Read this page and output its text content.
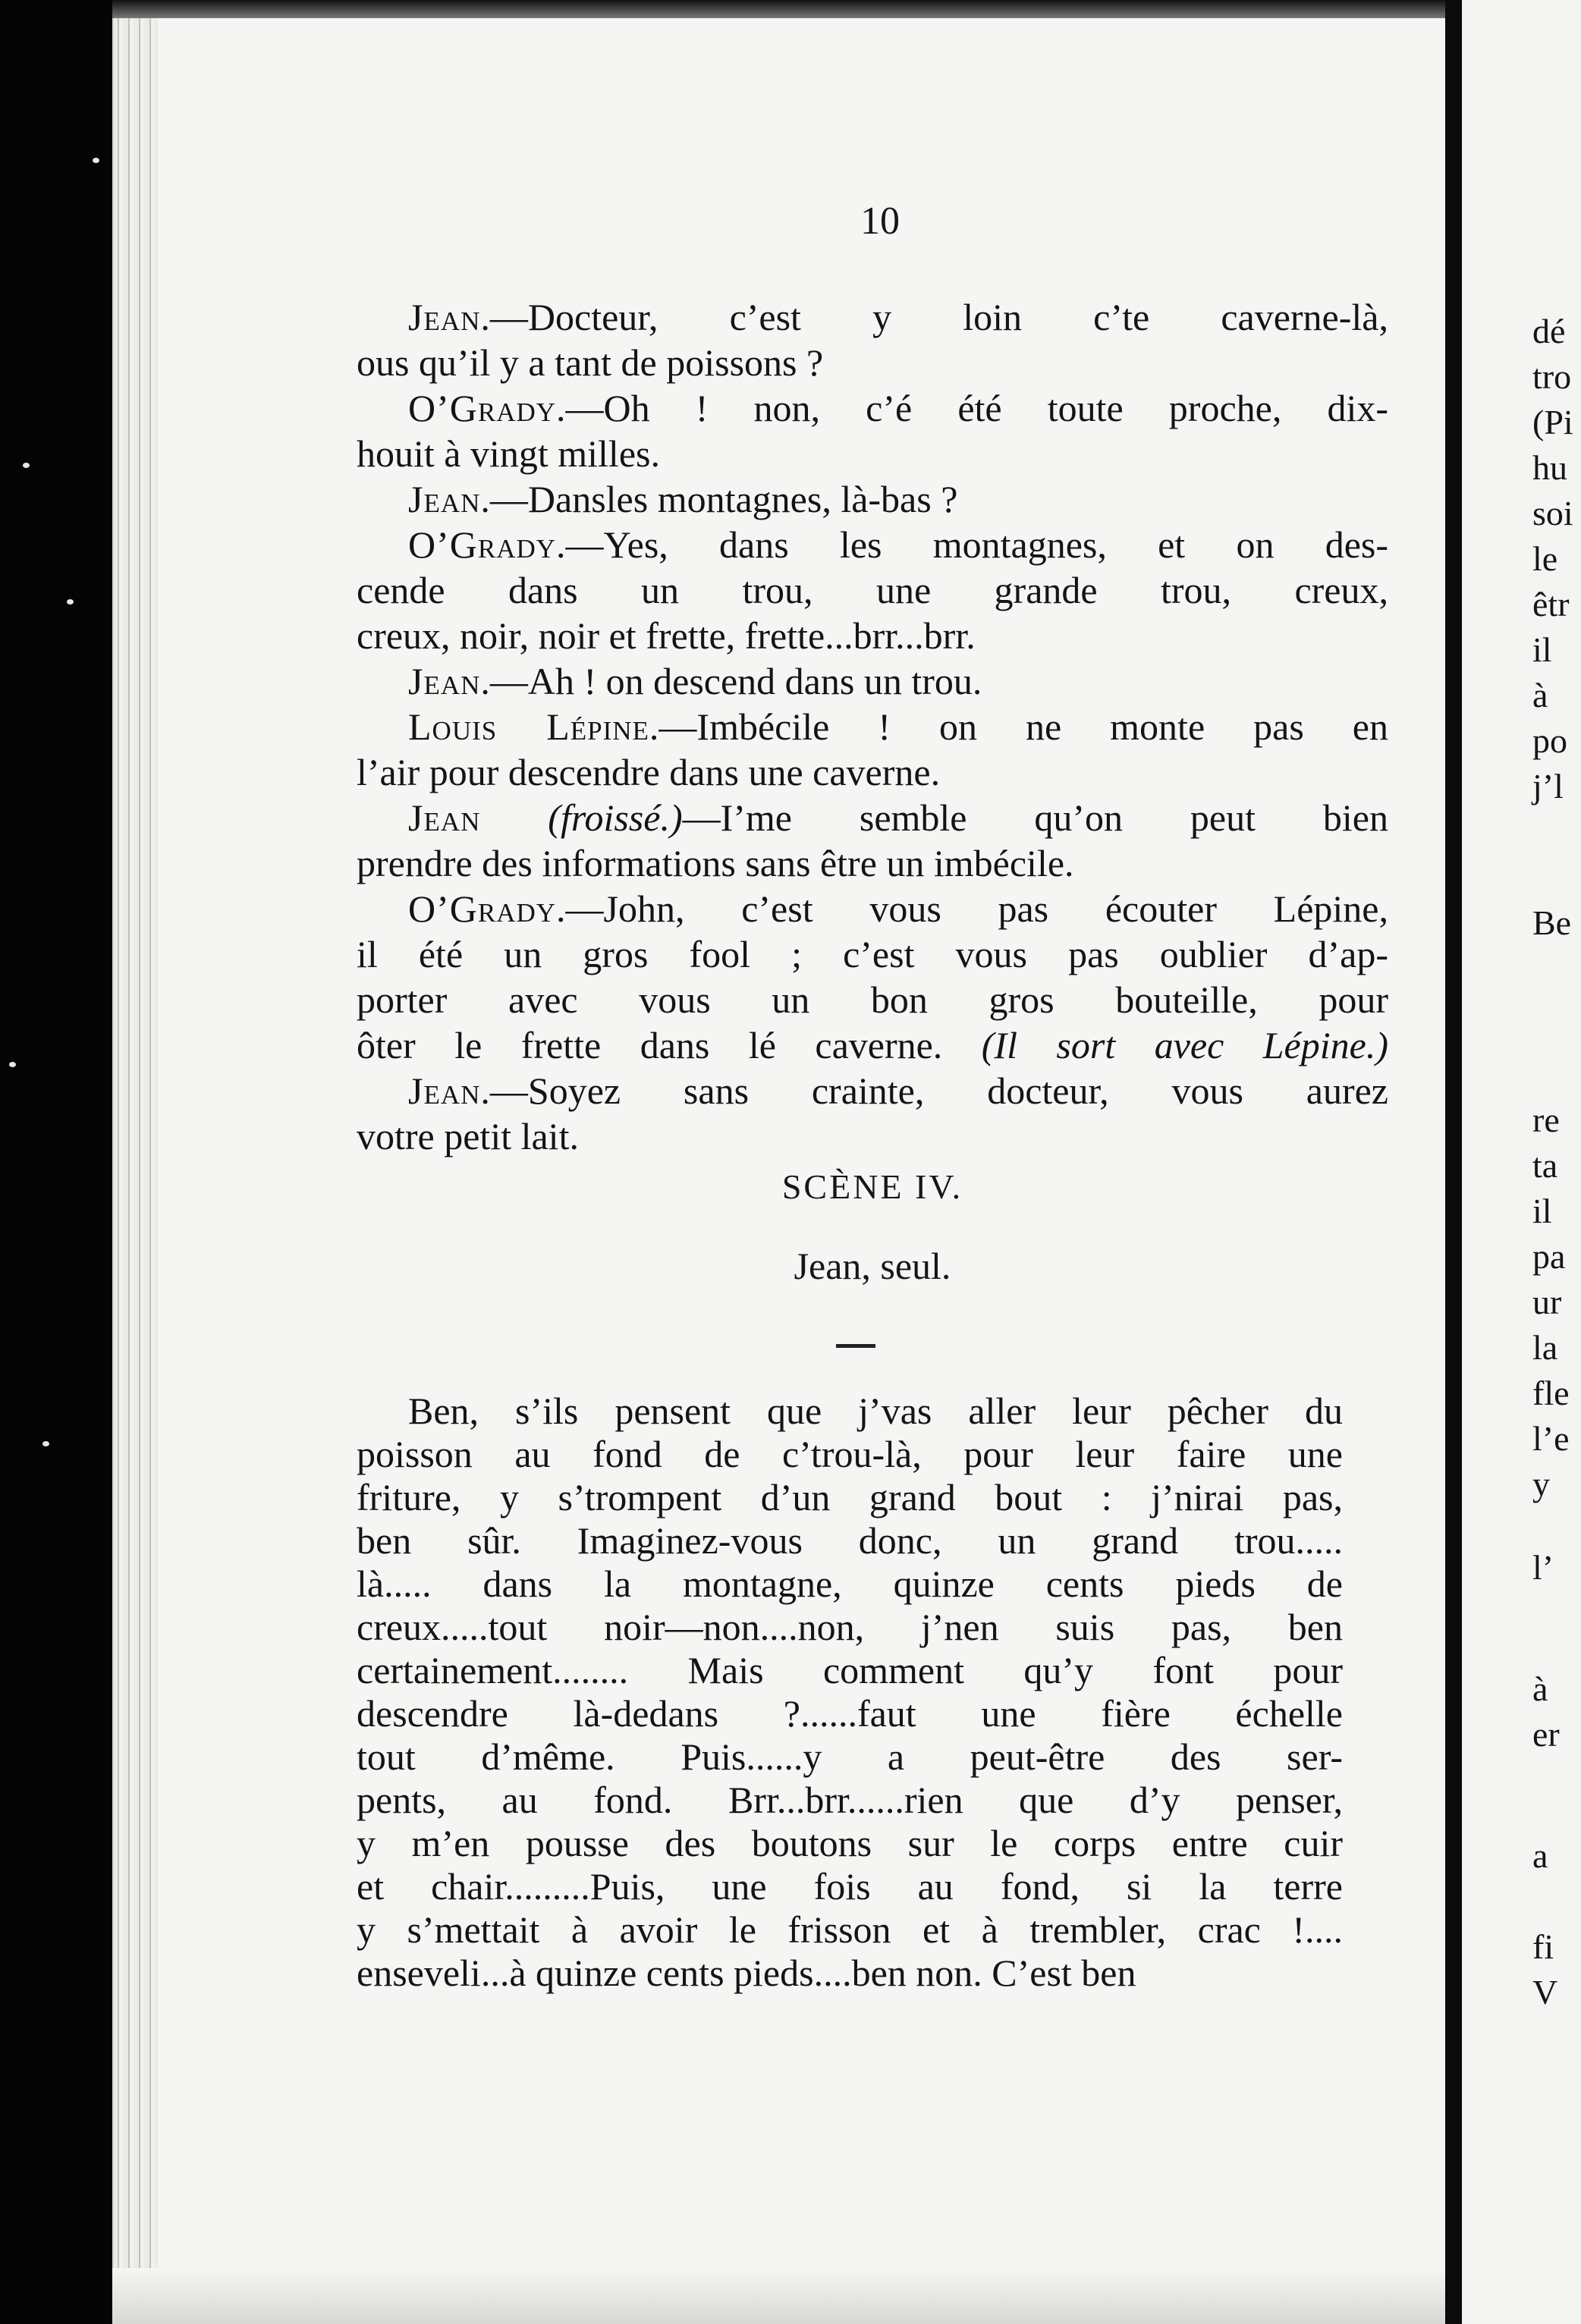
10
Jean.—Docteur, c’est y loin c’te caverne-là,
ous qu’il y a tant de poissons ?
O’Grady.—Oh ! non, c’é été toute proche, dix-
houit à vingt milles.
Jean.—Dansles montagnes, là-bas ?
O’Grady.—Yes, dans les montagnes, et on des-
cende dans un trou, une grande trou, creux,
creux, noir, noir et frette, frette...brr...brr.
Jean.—Ah ! on descend dans un trou.
Louis Lépine.—Imbécile ! on ne monte pas en
l’air pour descendre dans une caverne.
Jean (froissé.)—I’me semble qu’on peut bien
prendre des informations sans être un imbécile.
O’Grady.—John, c’est vous pas écouter Lépine,
il été un gros fool ; c’est vous pas oublier d’ap-
porter avec vous un bon gros bouteille, pour
ôter le frette dans lé caverne. (Il sort avec Lépine.)
Jean.—Soyez sans crainte, docteur, vous aurez
votre petit lait.
SCÈNE IV.
Jean, seul.
Ben, s’ils pensent que j’vas aller leur pêcher du
poisson au fond de c’trou-là, pour leur faire une
friture, y s’trompent d’un grand bout : j’nirai pas,
ben sûr. Imaginez-vous donc, un grand trou.....
là..... dans la montagne, quinze cents pieds de
creux.....tout noir—non....non, j’nen suis pas, ben
certainement........ Mais comment qu’y font pour
descendre là-dedans ?......faut une fière échelle
tout d’même. Puis......y a peut-être des ser-
pents, au fond. Brr...brr......rien que d’y penser,
y m’en pousse des boutons sur le corps entre cuir
et chair.........Puis, une fois au fond, si la terre
y s’mettait à avoir le frisson et à trembler, crac !....
enseveli...à quinze cents pieds....ben non. C’est ben
dé
tro
(Pi
hu
soi
le
êtr
il
à
po
j’l
Be
re
ta
il
pa
ur
la
fle
l’e
y
l’
à
er
a
fi
V
